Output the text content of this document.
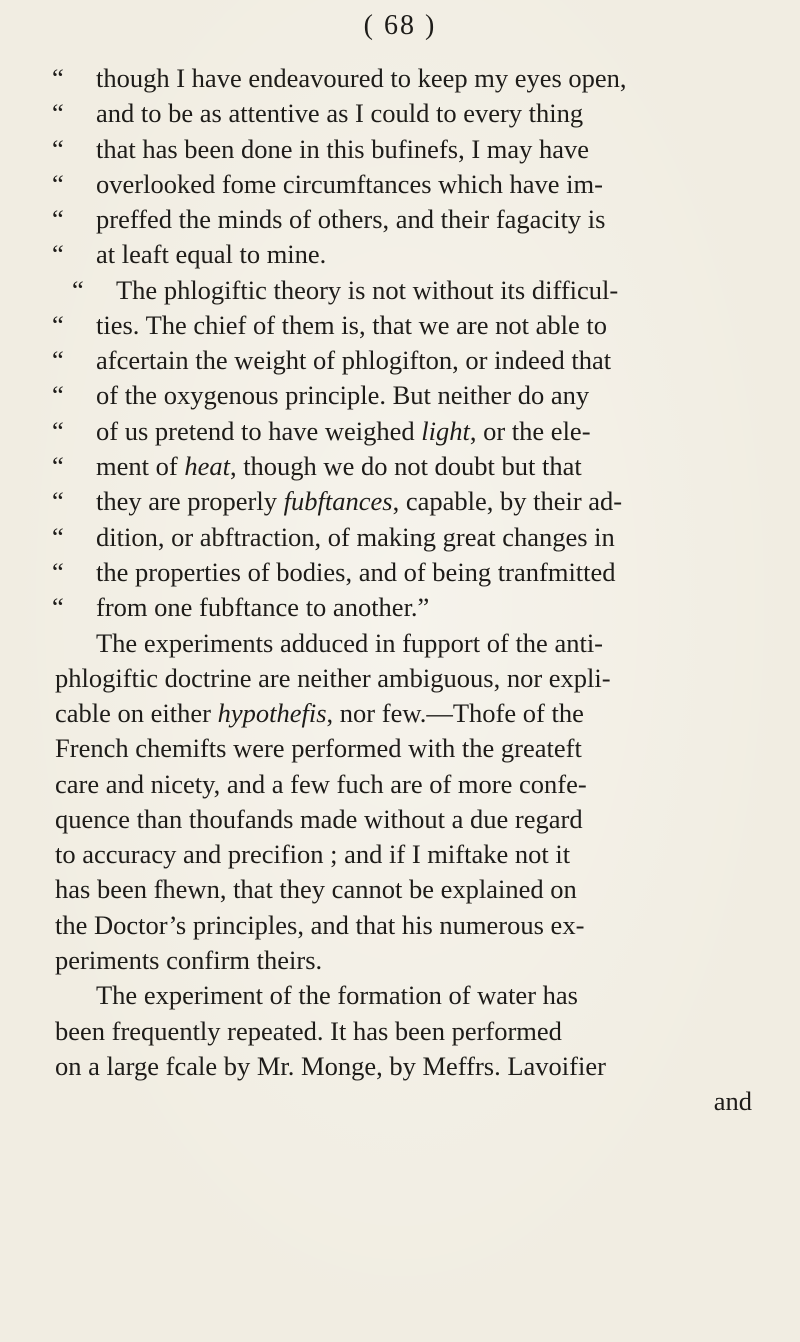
( 68 )
“ though I have endeavoured to keep my eyes open,
“ and to be as attentive as I could to every thing
“ that has been done in this bufinefs, I may have
“ overlooked fome circumftances which have im-
“ preffed the minds of others, and their fagacity is
“ at leaft equal to mine.
“ The phlogiftic theory is not without its difficul-
“ ties. The chief of them is, that we are not able to
“ afcertain the weight of phlogifton, or indeed that
“ of the oxygenous principle. But neither do any
“ of us pretend to have weighed light, or the ele-
“ ment of heat, though we do not doubt but that
“ they are properly fubftances, capable, by their ad-
“ dition, or abftraction, of making great changes in
“ the properties of bodies, and of being tranfmitted
“ from one fubftance to another.”
The experiments adduced in fupport of the anti-
phlogiftic doctrine are neither ambiguous, nor expli-
cable on either hypothefis, nor few.—Thofe of the
French chemifts were performed with the greateft
care and nicety, and a few fuch are of more confe-
quence than thoufands made without a due regard
to accuracy and precifion ; and if I miftake not it
has been fhewn, that they cannot be explained on
the Doctor’s principles, and that his numerous ex-
periments confirm theirs.
The experiment of the formation of water has
been frequently repeated. It has been performed
on a large fcale by Mr. Monge, by Meffrs. Lavoifier
and
